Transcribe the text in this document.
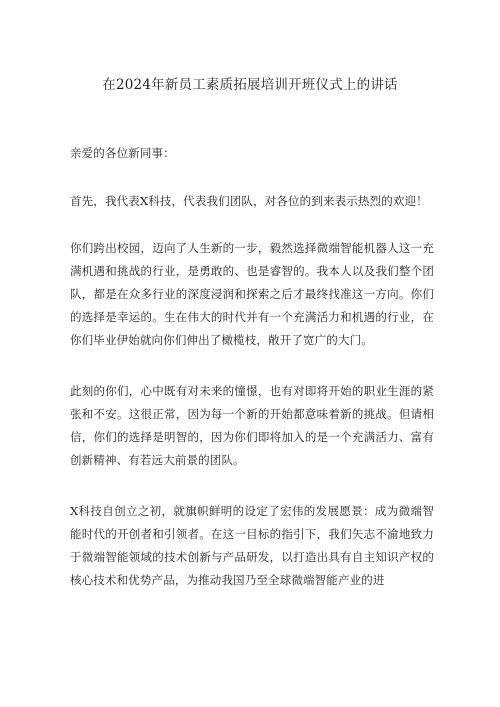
在2024年新员工素质拓展培训开班仪式上的讲话

亲爱的各位新同事：

首先，我代表X科技，代表我们团队，对各位的到来表示热烈的欢迎！

你们跨出校园，迈向了人生新的一步，毅然选择微端智能机器人这一充满机遇和挑战的行业，是勇敢的、也是睿智的。我本人以及我们整个团队，都是在众多行业的深度浸润和探索之后才最终找准这一方向。你们的选择是幸运的。生在伟大的时代并有一个充满活力和机遇的行业，在你们毕业伊始就向你们伸出了橄榄枝，敞开了宽广的大门。

此刻的你们，心中既有对未来的憧憬，也有对即将开始的职业生涯的紧张和不安。这很正常，因为每一个新的开始都意味着新的挑战。但请相信，你们的选择是明智的，因为你们即将加入的是一个充满活力、富有创新精神、有若远大前景的团队。

X科技自创立之初，就旗帜鲜明的设定了宏伟的发展愿景：成为微端智能时代的开创者和引领者。在这一目标的指引下，我们矢志不渝地致力于微端智能领域的技术创新与产品研发，以打造出具有自主知识产权的核心技术和优势产品，为推动我国乃至全球微端智能产业的进
